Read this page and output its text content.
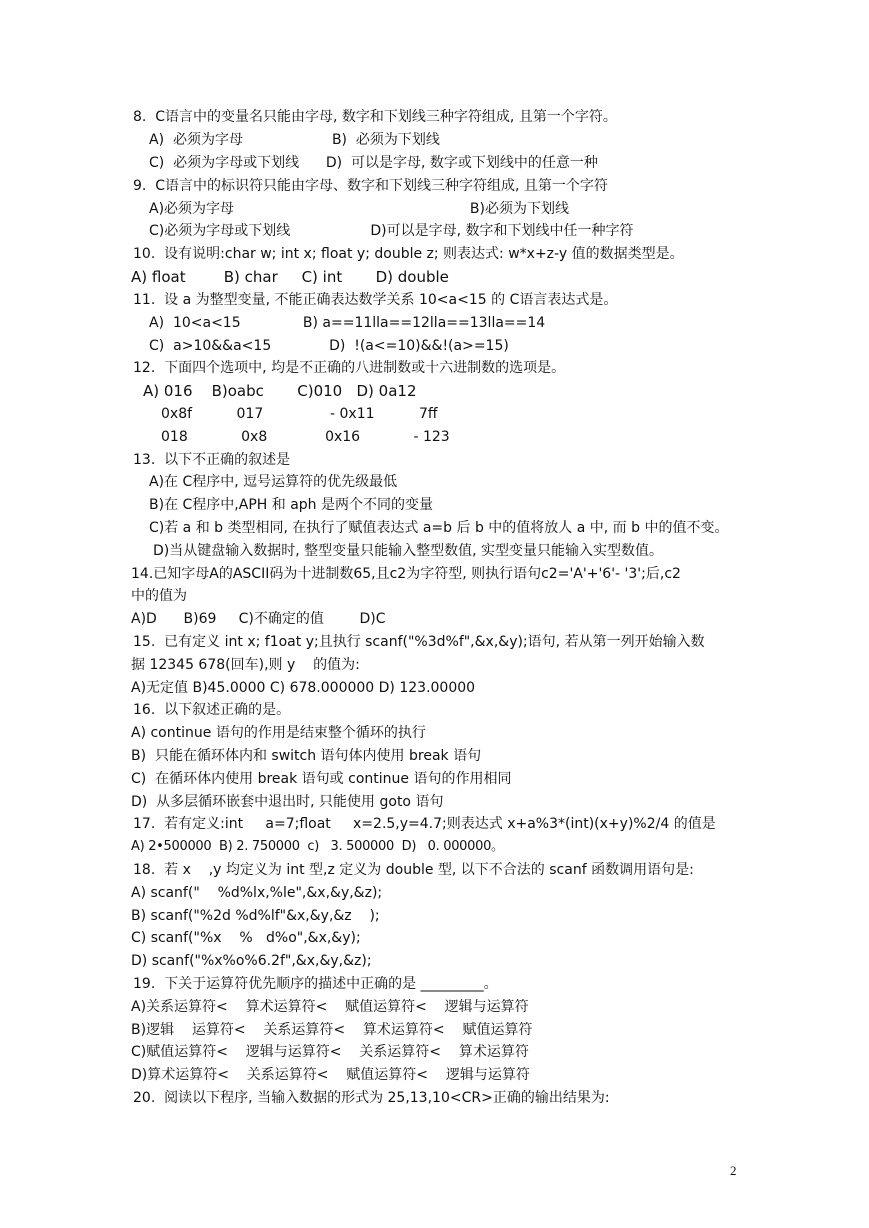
8.  C语言中的变量名只能由字母, 数字和下划线三种字符组成, 且第一个字符。
A)  必须为字母                    B)  必须为下划线
C)  必须为字母或下划线      D)  可以是字母, 数字或下划线中的任意一种
9.  C语言中的标识符只能由字母、数字和下划线三种字符组成, 且第一个字符
A)必须为字母                                                     B)必须为下划线
C)必须为字母或下划线                  D)可以是字母, 数字和下划线中任一种字符
10.  设有说明:char w; int x; float y; double z; 则表达式: w*x+z-y 值的数据类型是。
A) float        B) char     C) int       D) double
11.  设 a 为整型变量, 不能正确表达数学关系 10<a<15 的 C语言表达式是。
A)  10<a<15              B) a==11lla==12lla==13lla==14
C)  a>10&&a<15             D)  !(a<=10)&&!(a>=15)
12.  下面四个选项中, 均是不正确的八进制数或十六进制数的选项是。
A) 016    B)oabc       C)010   D) 0a12
0x8f          017               - 0x11          7ff
018            0x8             0x16            - 123
13.  以下不正确的叙述是
A)在 C程序中, 逗号运算符的优先级最低
B)在 C程序中,APH 和 aph 是两个不同的变量
C)若 a 和 b 类型相同, 在执行了赋值表达式 a=b 后 b 中的值将放人 a 中, 而 b 中的值不变。
D)当从键盘输入数据时, 整型变量只能输入整型数值, 实型变量只能输入实型数值。
14.已知字母A的ASCII码为十进制数65,且c2为字符型, 则执行语句c2='A'+'6'- '3';后,c2
中的值为
A)D      B)69     C)不确定的值        D)C
15.  已有定义 int x; f1oat y;且执行 scanf("%3d%f",&x,&y);语句, 若从第一列开始输入数
据 12345 678(回车),则 y    的值为:
A)无定值 B)45.0000 C) 678.000000 D) 123.00000
16.  以下叙述正确的是。
A) continue 语句的作用是结束整个循环的执行
B)  只能在循环体内和 switch 语句体内使用 break 语句
C)  在循环体内使用 break 语句或 continue 语句的作用相同
D)  从多层循环嵌套中退出时, 只能使用 goto 语句
17.  若有定义:int     a=7;float     x=2.5,y=4.7;则表达式 x+a%3*(int)(x+y)%2/4 的值是
A) 2•500000  B) 2. 750000  c)   3. 500000  D)   0. 000000。
18.  若 x    ,y 均定义为 int 型,z 定义为 double 型, 以下不合法的 scanf 函数调用语句是:
A) scanf("    %d%lx,%le",&x,&y,&z);
B) scanf("%2d %d%lf"&x,&y,&z    );
C) scanf("%x    %   d%o",&x,&y);
D) scanf("%x%o%6.2f",&x,&y,&z);
19.  下关于运算符优先顺序的描述中正确的是 _________。
A)关系运算符<    算术运算符<    赋值运算符<    逻辑与运算符
B)逻辑    运算符<    关系运算符<    算术运算符<    赋值运算符
C)赋值运算符<    逻辑与运算符<    关系运算符<    算术运算符
D)算术运算符<    关系运算符<    赋值运算符<    逻辑与运算符
20.  阅读以下程序, 当输入数据的形式为 25,13,10<CR>正确的输出结果为:
2
